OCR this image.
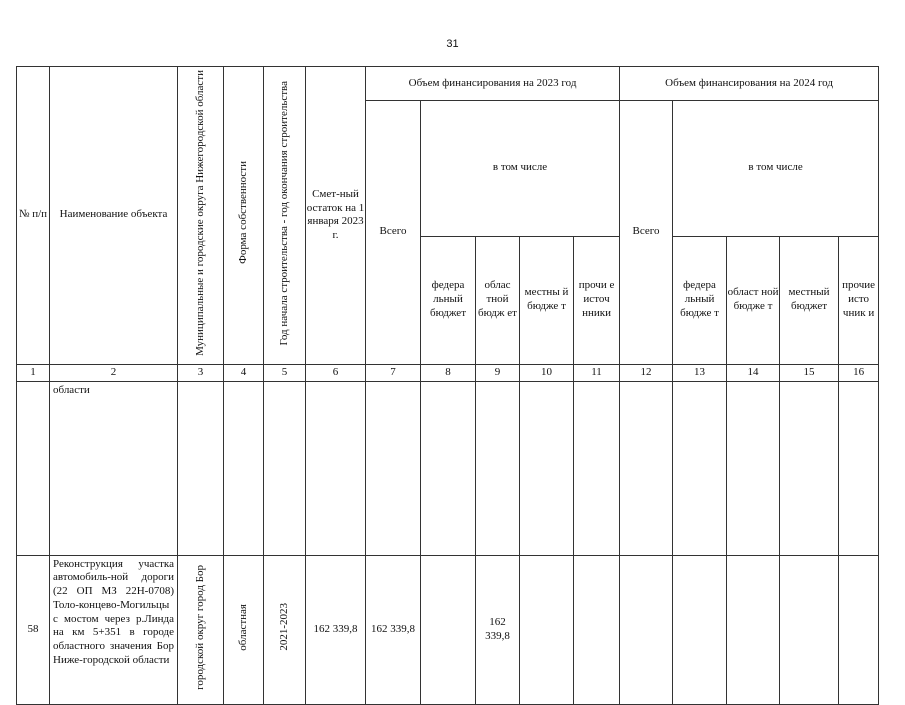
31
№ п/п	Наименование объекта	Муниципальные и городские округа Нижегородской области	Форма собственности	Год начала строительства - год окончания строительства	Смет-ный остаток на 1 января 2023 г.	Объем финансирования на 2023 год					Объем финансирования на 2024 год				
						Всего	в том числе				Всего	в том числе			
							федера льный бюджет	облас тной бюдж ет	местны й бюдже т	прочи е источ нники		федера льный бюдже т	област ной бюдже т	местный бюджет	прочие исто чник и
1	2	3	4	5	6	7	8	9	10	11	12	13	14	15	16
	области														
58	Реконструкция участка автомобиль-ной дороги (22 ОП МЗ 22Н-0708) Толо-концево-Могильцы с мостом через р.Линда на км 5+351 в городе областного значения Бор Ниже-городской области	городской округ город Бор	областная	2021-2023	162 339,8	162 339,8		162 339,8							
